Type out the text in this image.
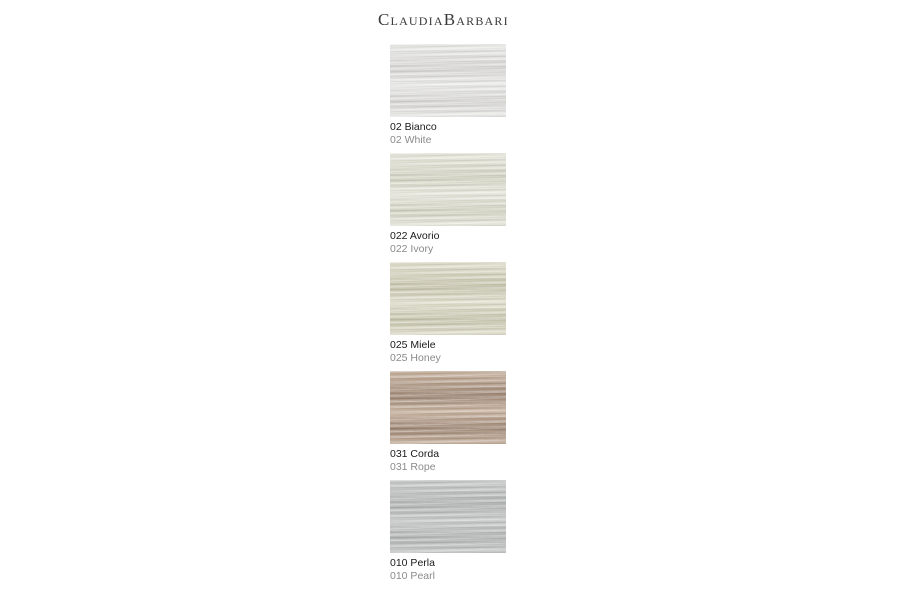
ClaudiaBarbari
02 Bianco
02 White
022 Avorio
022 Ivory
025 Miele
025 Honey
031 Corda
031 Rope
010 Perla
010 Pearl
